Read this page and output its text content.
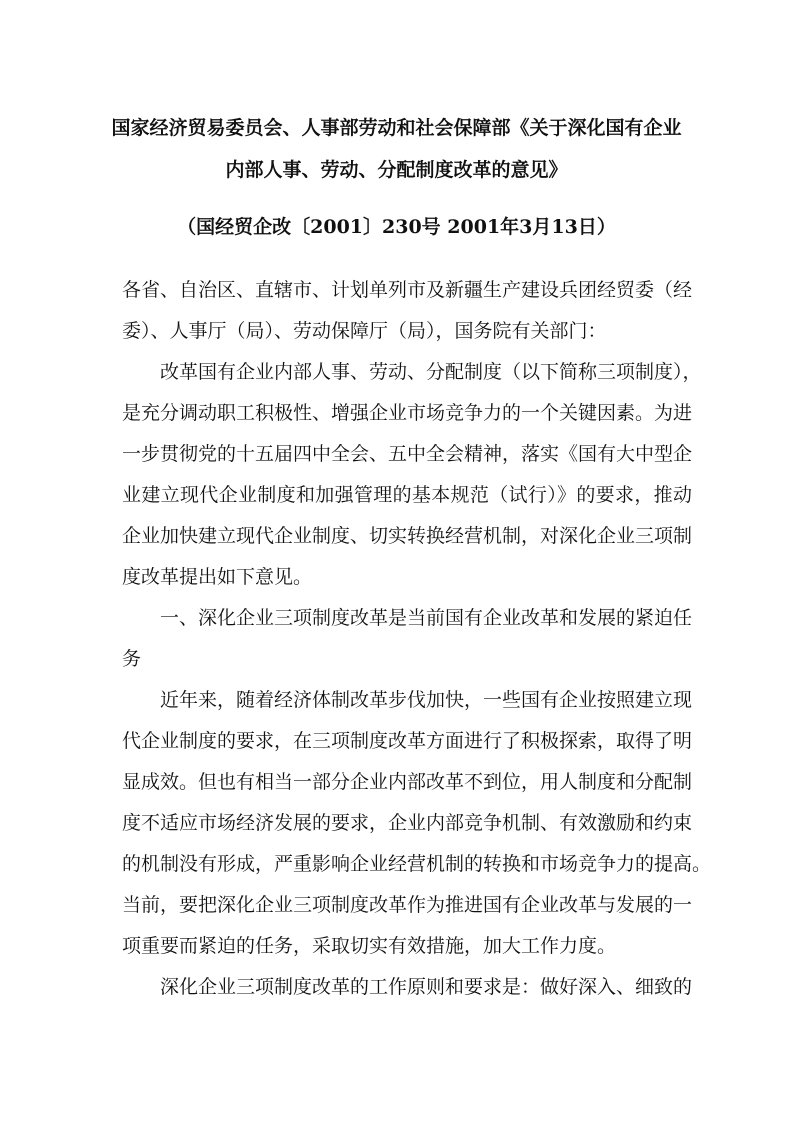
国家经济贸易委员会、人事部劳动和社会保障部《关于深化国有企业
内部人事、劳动、分配制度改革的意见》
（国经贸企改〔2001〕230号 2001年3月13日）
各省、自治区、直辖市、计划单列市及新疆生产建设兵团经贸委（经
委）、人事厅（局）、劳动保障厅（局），国务院有关部门：
改革国有企业内部人事、劳动、分配制度（以下简称三项制度），
是充分调动职工积极性、增强企业市场竞争力的一个关键因素。为进
一步贯彻党的十五届四中全会、五中全会精神，落实《国有大中型企
业建立现代企业制度和加强管理的基本规范（试行）》的要求，推动
企业加快建立现代企业制度、切实转换经营机制，对深化企业三项制
度改革提出如下意见。
一、深化企业三项制度改革是当前国有企业改革和发展的紧迫任
务
近年来，随着经济体制改革步伐加快，一些国有企业按照建立现
代企业制度的要求，在三项制度改革方面进行了积极探索，取得了明
显成效。但也有相当一部分企业内部改革不到位，用人制度和分配制
度不适应市场经济发展的要求，企业内部竞争机制、有效激励和约束
的机制没有形成，严重影响企业经营机制的转换和市场竞争力的提高。
当前，要把深化企业三项制度改革作为推进国有企业改革与发展的一
项重要而紧迫的任务，采取切实有效措施，加大工作力度。
深化企业三项制度改革的工作原则和要求是：做好深入、细致的
